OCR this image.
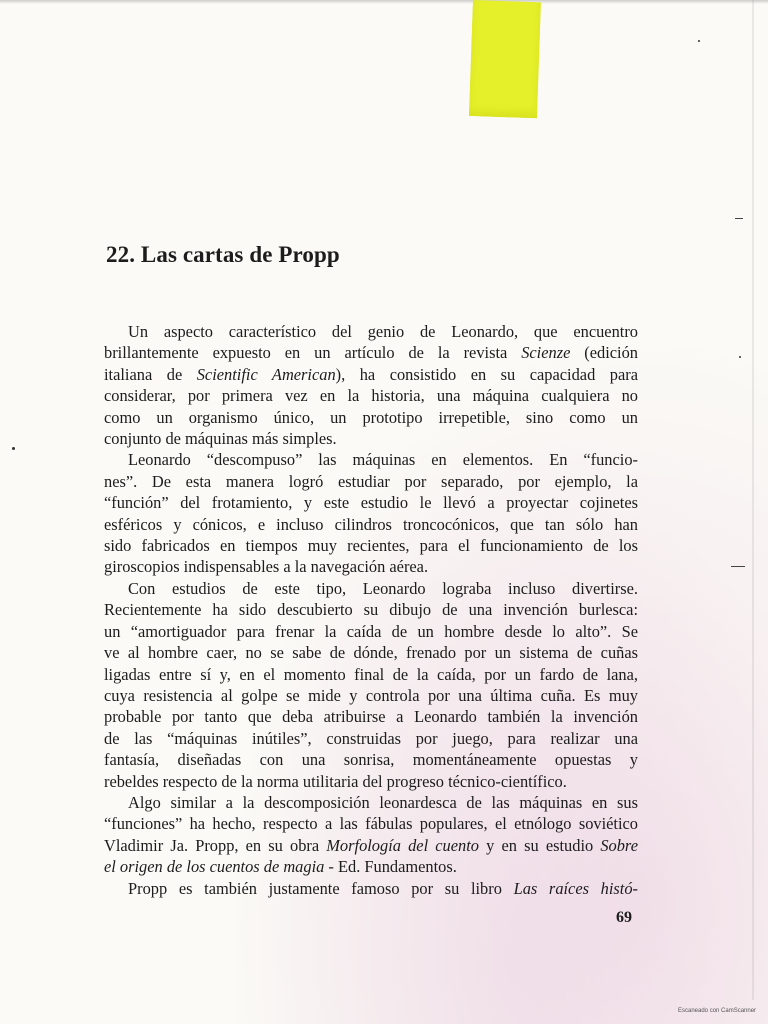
22. Las cartas de Propp
Un aspecto característico del genio de Leonardo, que encuentro
brillantemente expuesto en un artículo de la revista Scienze (edición
italiana de Scientific American), ha consistido en su capacidad para
considerar, por primera vez en la historia, una máquina cualquiera no
como un organismo único, un prototipo irrepetible, sino como un
conjunto de máquinas más simples.
Leonardo “descompuso” las máquinas en elementos. En “funcio-
nes”. De esta manera logró estudiar por separado, por ejemplo, la
“función” del frotamiento, y este estudio le llevó a proyectar cojinetes
esféricos y cónicos, e incluso cilindros troncocónicos, que tan sólo han
sido fabricados en tiempos muy recientes, para el funcionamiento de los
giroscopios indispensables a la navegación aérea.
Con estudios de este tipo, Leonardo lograba incluso divertirse.
Recientemente ha sido descubierto su dibujo de una invención burlesca:
un “amortiguador para frenar la caída de un hombre desde lo alto”. Se
ve al hombre caer, no se sabe de dónde, frenado por un sistema de cuñas
ligadas entre sí y, en el momento final de la caída, por un fardo de lana,
cuya resistencia al golpe se mide y controla por una última cuña. Es muy
probable por tanto que deba atribuirse a Leonardo también la invención
de las “máquinas inútiles”, construidas por juego, para realizar una
fantasía, diseñadas con una sonrisa, momentáneamente opuestas y
rebeldes respecto de la norma utilitaria del progreso técnico-científico.
Algo similar a la descomposición leonardesca de las máquinas en sus
“funciones” ha hecho, respecto a las fábulas populares, el etnólogo soviético
Vladimir Ja. Propp, en su obra Morfología del cuento y en su estudio Sobre
el origen de los cuentos de magia - Ed. Fundamentos.
Propp es también justamente famoso por su libro Las raíces histó-

69

Escaneado con CamScanner
